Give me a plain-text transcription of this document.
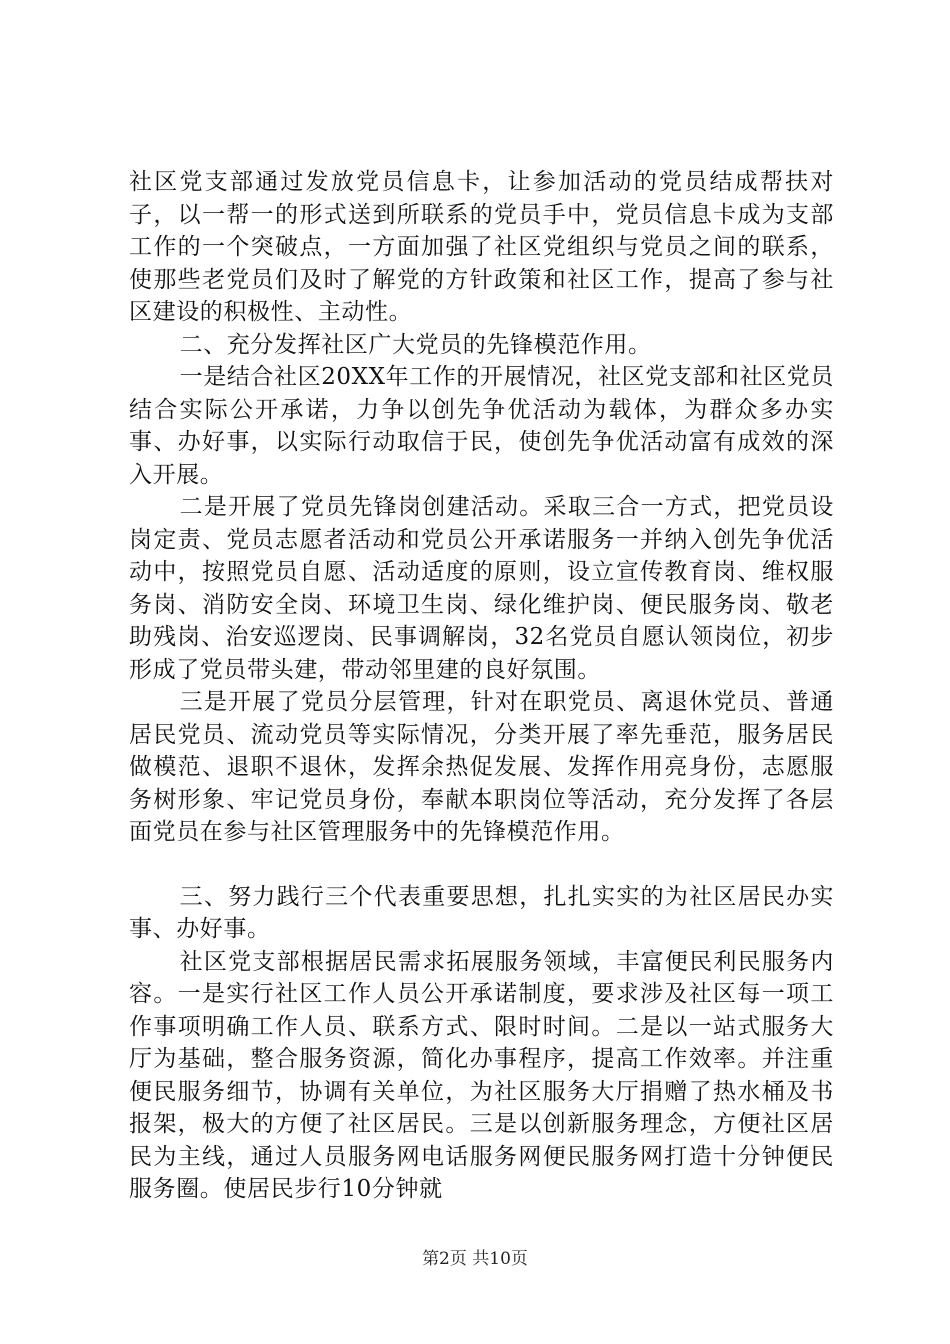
社区党支部通过发放党员信息卡，让参加活动的党员结成帮扶对子，以一帮一的形式送到所联系的党员手中，党员信息卡成为支部工作的一个突破点，一方面加强了社区党组织与党员之间的联系，使那些老党员们及时了解党的方针政策和社区工作，提高了参与社区建设的积极性、主动性。

二、充分发挥社区广大党员的先锋模范作用。

一是结合社区20XX年工作的开展情况，社区党支部和社区党员结合实际公开承诺，力争以创先争优活动为载体，为群众多办实事、办好事，以实际行动取信于民，使创先争优活动富有成效的深入开展。

二是开展了党员先锋岗创建活动。采取三合一方式，把党员设岗定责、党员志愿者活动和党员公开承诺服务一并纳入创先争优活动中，按照党员自愿、活动适度的原则，设立宣传教育岗、维权服务岗、消防安全岗、环境卫生岗、绿化维护岗、便民服务岗、敬老助残岗、治安巡逻岗、民事调解岗，32名党员自愿认领岗位，初步形成了党员带头建，带动邻里建的良好氛围。

三是开展了党员分层管理，针对在职党员、离退休党员、普通居民党员、流动党员等实际情况，分类开展了率先垂范，服务居民做模范、退职不退休，发挥余热促发展、发挥作用亮身份，志愿服务树形象、牢记党员身份，奉献本职岗位等活动，充分发挥了各层面党员在参与社区管理服务中的先锋模范作用。

三、努力践行三个代表重要思想，扎扎实实的为社区居民办实事、办好事。

社区党支部根据居民需求拓展服务领域，丰富便民利民服务内容。一是实行社区工作人员公开承诺制度，要求涉及社区每一项工作事项明确工作人员、联系方式、限时时间。二是以一站式服务大厅为基础，整合服务资源，简化办事程序，提高工作效率。并注重便民服务细节，协调有关单位，为社区服务大厅捐赠了热水桶及书报架，极大的方便了社区居民。三是以创新服务理念，方便社区居民为主线，通过人员服务网电话服务网便民服务网打造十分钟便民服务圈。使居民步行10分钟就

第2页 共10页
